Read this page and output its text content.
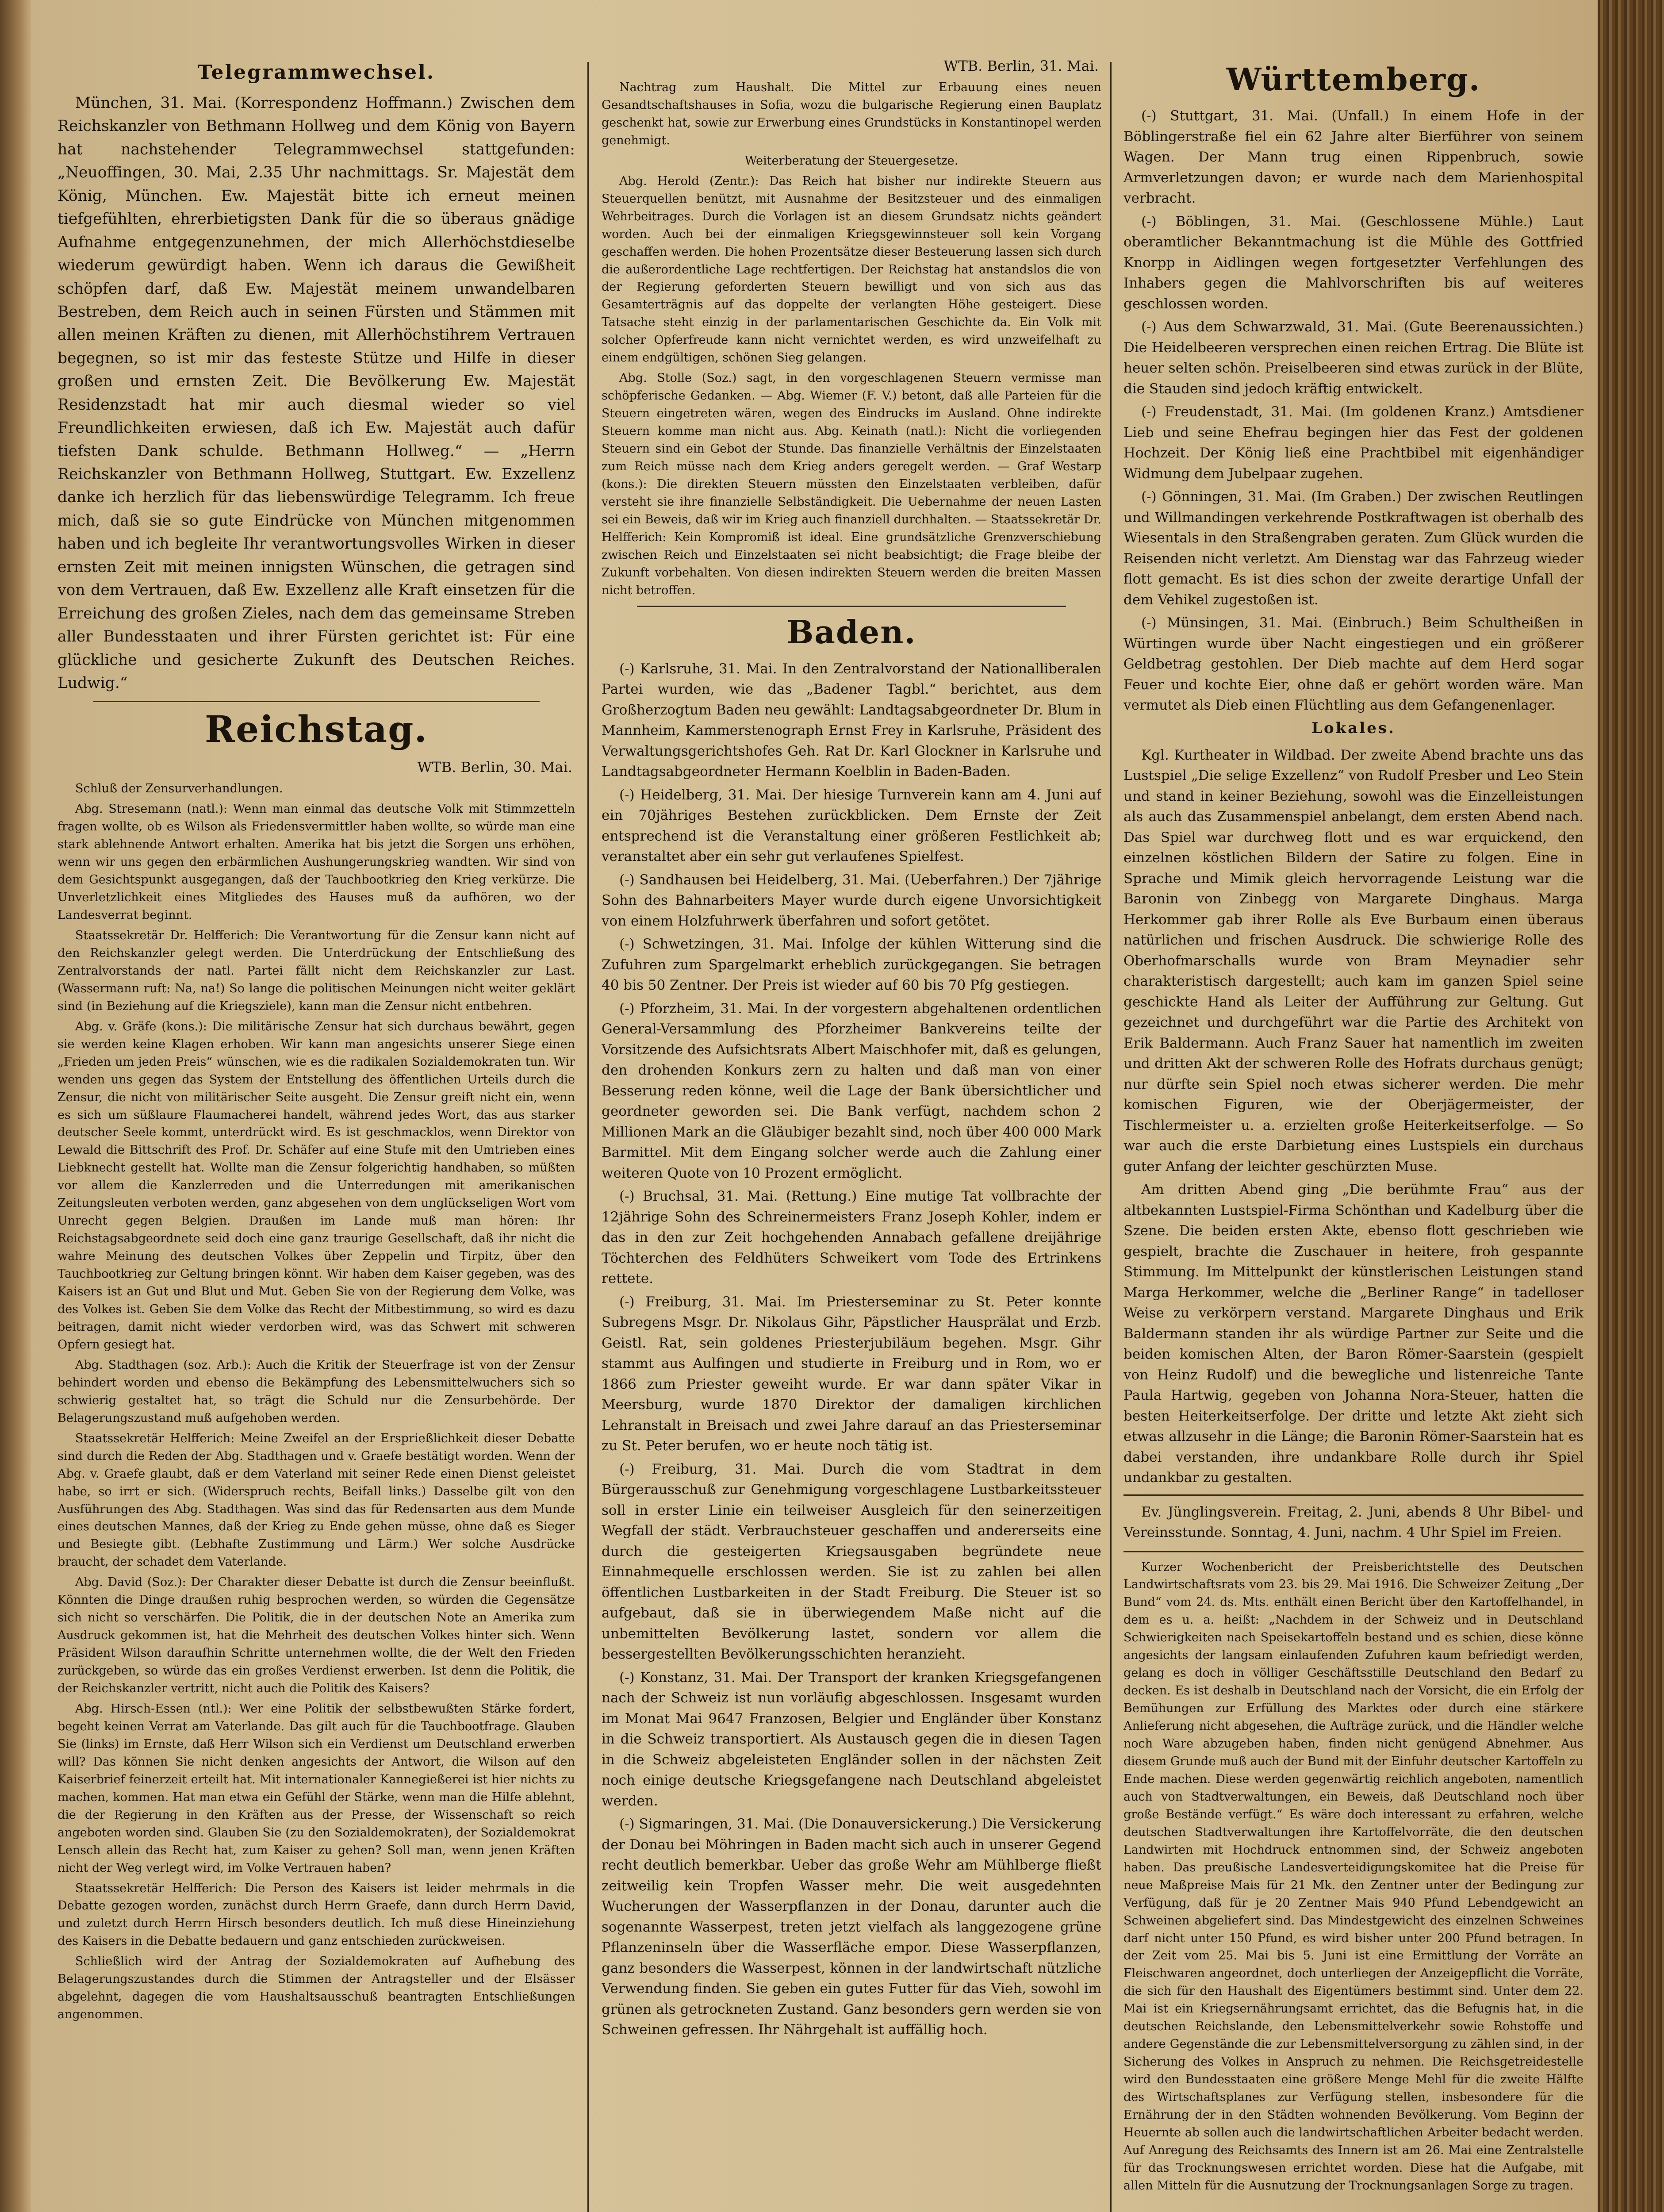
Telegrammwechsel.

München, 31. Mai. (Korrespondenz Hoffmann.) Zwischen dem Reichskanzler von Bethmann Hollweg und dem König von Bayern hat nachstehender Telegrammwechsel stattgefunden: „Neuoffingen, 30. Mai, 2.35 Uhr nachmittags. Sr. Majestät dem König, München. Ew. Majestät bitte ich erneut meinen tiefgefühlten, ehrerbietigsten Dank für die so überaus gnädige Aufnahme entgegenzunehmen, der mich Allerhöchstdieselbe wiederum gewürdigt haben. Wenn ich daraus die Gewißheit schöpfen darf, daß Ew. Majestät meinem unwandelbaren Bestreben, dem Reich auch in seinen Fürsten und Stämmen mit allen meinen Kräften zu dienen, mit Allerhöchstihrem Vertrauen begegnen, so ist mir das festeste Stütze und Hilfe in dieser großen und ernsten Zeit. Die Bevölkerung Ew. Majestät Residenzstadt hat mir auch diesmal wieder so viel Freundlichkeiten erwiesen, daß ich Ew. Majestät auch dafür tiefsten Dank schulde. Bethmann Hollweg.“ — „Herrn Reichskanzler von Bethmann Hollweg, Stuttgart. Ew. Exzellenz danke ich herzlich für das liebenswürdige Telegramm. Ich freue mich, daß sie so gute Eindrücke von München mitgenommen haben und ich begleite Ihr verantwortungsvolles Wirken in dieser ernsten Zeit mit meinen innigsten Wünschen, die getragen sind von dem Vertrauen, daß Ew. Exzellenz alle Kraft einsetzen für die Erreichung des großen Zieles, nach dem das gemeinsame Streben aller Bundesstaaten und ihrer Fürsten gerichtet ist: Für eine glückliche und gesicherte Zukunft des Deutschen Reiches. Ludwig.“

Reichstag.
WTB. Berlin, 30. Mai.

Schluß der Zensurverhandlungen.

Abg. Stresemann (natl.): Wenn man einmal das deutsche Volk mit Stimmzetteln fragen wollte, ob es Wilson als Friedensvermittler haben wollte, so würde man eine stark ablehnende Antwort erhalten. Amerika hat bis jetzt die Sorgen uns erhöhen, wenn wir uns gegen den erbärmlichen Aushungerungskrieg wandten. Wir sind von dem Gesichtspunkt ausgegangen, daß der Tauchbootkrieg den Krieg verkürze. Die Unverletzlichkeit eines Mitgliedes des Hauses muß da aufhören, wo der Landesverrat beginnt.

Staatssekretär Dr. Helfferich: Die Verantwortung für die Zensur kann nicht auf den Reichskanzler gelegt werden. Die Unterdrückung der Entschließung des Zentralvorstands der natl. Partei fällt nicht dem Reichskanzler zur Last. (Wassermann ruft: Na, na!) So lange die politischen Meinungen nicht weiter geklärt sind (in Beziehung auf die Kriegsziele), kann man die Zensur nicht entbehren.

Abg. v. Gräfe (kons.): Die militärische Zensur hat sich durchaus bewährt, gegen sie werden keine Klagen erhoben. Wir kann man angesichts unserer Siege einen „Frieden um jeden Preis“ wünschen, wie es die radikalen Sozialdemokraten tun. Wir wenden uns gegen das System der Entstellung des öffentlichen Urteils durch die Zensur, die nicht von militärischer Seite ausgeht. Die Zensur greift nicht ein, wenn es sich um süßlaure Flaumacherei handelt, während jedes Wort, das aus starker deutscher Seele kommt, unterdrückt wird. Es ist geschmacklos, wenn Direktor von Lewald die Bittschrift des Prof. Dr. Schäfer auf eine Stufe mit den Umtrieben eines Liebknecht gestellt hat. Wollte man die Zensur folgerichtig handhaben, so müßten vor allem die Kanzlerreden und die Unterredungen mit amerikanischen Zeitungsleuten verboten werden, ganz abgesehen von dem unglückseligen Wort vom Unrecht gegen Belgien. Draußen im Lande muß man hören: Ihr Reichstagsabgeordnete seid doch eine ganz traurige Gesellschaft, daß ihr nicht die wahre Meinung des deutschen Volkes über Zeppelin und Tirpitz, über den Tauchbootkrieg zur Geltung bringen könnt. Wir haben dem Kaiser gegeben, was des Kaisers ist an Gut und Blut und Mut. Geben Sie von der Regierung dem Volke, was des Volkes ist. Geben Sie dem Volke das Recht der Mitbestimmung, so wird es dazu beitragen, damit nicht wieder verdorben wird, was das Schwert mit schweren Opfern gesiegt hat.

Abg. Stadthagen (soz. Arb.): Auch die Kritik der Steuerfrage ist von der Zensur behindert worden und ebenso die Bekämpfung des Lebensmittelwuchers sich so schwierig gestaltet hat, so trägt die Schuld nur die Zensurbehörde. Der Belagerungszustand muß aufgehoben werden.

Staatssekretär Helfferich: Meine Zweifel an der Ersprießlichkeit dieser Debatte sind durch die Reden der Abg. Stadthagen und v. Graefe bestätigt worden. Wenn der Abg. v. Graefe glaubt, daß er dem Vaterland mit seiner Rede einen Dienst geleistet habe, so irrt er sich. (Widerspruch rechts, Beifall links.) Dasselbe gilt von den Ausführungen des Abg. Stadthagen. Was sind das für Redensarten aus dem Munde eines deutschen Mannes, daß der Krieg zu Ende gehen müsse, ohne daß es Sieger und Besiegte gibt. (Lebhafte Zustimmung und Lärm.) Wer solche Ausdrücke braucht, der schadet dem Vaterlande.

Abg. David (Soz.): Der Charakter dieser Debatte ist durch die Zensur beeinflußt. Könnten die Dinge draußen ruhig besprochen werden, so würden die Gegensätze sich nicht so verschärfen. Die Politik, die in der deutschen Note an Amerika zum Ausdruck gekommen ist, hat die Mehrheit des deutschen Volkes hinter sich. Wenn Präsident Wilson daraufhin Schritte unternehmen wollte, die der Welt den Frieden zurückgeben, so würde das ein großes Verdienst erwerben. Ist denn die Politik, die der Reichskanzler vertritt, nicht auch die Politik des Kaisers?

Abg. Hirsch-Essen (ntl.): Wer eine Politik der selbstbewußten Stärke fordert, begeht keinen Verrat am Vaterlande. Das gilt auch für die Tauchbootfrage. Glauben Sie (links) im Ernste, daß Herr Wilson sich ein Verdienst um Deutschland erwerben will? Das können Sie nicht denken angesichts der Antwort, die Wilson auf den Kaiserbrief feinerzeit erteilt hat. Mit internationaler Kannegießerei ist hier nichts zu machen, kommen. Hat man etwa ein Gefühl der Stärke, wenn man die Hilfe ablehnt, die der Regierung in den Kräften aus der Presse, der Wissenschaft so reich angeboten worden sind. Glauben Sie (zu den Sozialdemokraten), der Sozialdemokrat Lensch allein das Recht hat, zum Kaiser zu gehen? Soll man, wenn jenen Kräften nicht der Weg verlegt wird, im Volke Vertrauen haben?

Staatssekretär Helfferich: Die Person des Kaisers ist leider mehrmals in die Debatte gezogen worden, zunächst durch Herrn Graefe, dann durch Herrn David, und zuletzt durch Herrn Hirsch besonders deutlich. Ich muß diese Hineinziehung des Kaisers in die Debatte bedauern und ganz entschieden zurückweisen.

Schließlich wird der Antrag der Sozialdemokraten auf Aufhebung des Belagerungszustandes durch die Stimmen der Antragsteller und der Elsässer abgelehnt, dagegen die vom Haushaltsausschuß beantragten Entschließungen angenommen.

WTB. Berlin, 31. Mai.

Nachtrag zum Haushalt. Die Mittel zur Erbauung eines neuen Gesandtschaftshauses in Sofia, wozu die bulgarische Regierung einen Bauplatz geschenkt hat, sowie zur Erwerbung eines Grundstücks in Konstantinopel werden genehmigt.

Weiterberatung der Steuergesetze.

Abg. Herold (Zentr.): Das Reich hat bisher nur indirekte Steuern aus Steuerquellen benützt, mit Ausnahme der Besitzsteuer und des einmaligen Wehrbeitrages. Durch die Vorlagen ist an diesem Grundsatz nichts geändert worden. Auch bei der einmaligen Kriegsgewinnsteuer soll kein Vorgang geschaffen werden. Die hohen Prozentsätze dieser Besteuerung lassen sich durch die außerordentliche Lage rechtfertigen. Der Reichstag hat anstandslos die von der Regierung geforderten Steuern bewilligt und von sich aus das Gesamterträgnis auf das doppelte der verlangten Höhe gesteigert. Diese Tatsache steht einzig in der parlamentarischen Geschichte da. Ein Volk mit solcher Opferfreude kann nicht vernichtet werden, es wird unzweifelhaft zu einem endgültigen, schönen Sieg gelangen.

Abg. Stolle (Soz.) sagt, in den vorgeschlagenen Steuern vermisse man schöpferische Gedanken. — Abg. Wiemer (F. V.) betont, daß alle Parteien für die Steuern eingetreten wären, wegen des Eindrucks im Ausland. Ohne indirekte Steuern komme man nicht aus. Abg. Keinath (natl.): Nicht die vorliegenden Steuern sind ein Gebot der Stunde. Das finanzielle Verhältnis der Einzelstaaten zum Reich müsse nach dem Krieg anders geregelt werden. — Graf Westarp (kons.): Die direkten Steuern müssten den Einzelstaaten verbleiben, dafür versteht sie ihre finanzielle Selbständigkeit. Die Uebernahme der neuen Lasten sei ein Beweis, daß wir im Krieg auch finanziell durchhalten. — Staatssekretär Dr. Helfferich: Kein Kompromiß ist ideal. Eine grundsätzliche Grenzverschiebung zwischen Reich und Einzelstaaten sei nicht beabsichtigt; die Frage bleibe der Zukunft vorbehalten. Von diesen indirekten Steuern werden die breiten Massen nicht betroffen.

Baden.

(-) Karlsruhe, 31. Mai. In den Zentralvorstand der Nationalliberalen Partei wurden, wie das „Badener Tagbl.“ berichtet, aus dem Großherzogtum Baden neu gewählt: Landtagsabgeordneter Dr. Blum in Mannheim, Kammerstenograph Ernst Frey in Karlsruhe, Präsident des Verwaltungsgerichtshofes Geh. Rat Dr. Karl Glockner in Karlsruhe und Landtagsabgeordneter Hermann Koelblin in Baden-Baden.

(-) Heidelberg, 31. Mai. Der hiesige Turnverein kann am 4. Juni auf ein 70jähriges Bestehen zurückblicken. Dem Ernste der Zeit entsprechend ist die Veranstaltung einer größeren Festlichkeit ab; veranstaltet aber ein sehr gut verlaufenes Spielfest.

(-) Sandhausen bei Heidelberg, 31. Mai. (Ueberfahren.) Der 7jährige Sohn des Bahnarbeiters Mayer wurde durch eigene Unvorsichtigkeit von einem Holzfuhrwerk überfahren und sofort getötet.

(-) Schwetzingen, 31. Mai. Infolge der kühlen Witterung sind die Zufuhren zum Spargelmarkt erheblich zurückgegangen. Sie betragen 40 bis 50 Zentner. Der Preis ist wieder auf 60 bis 70 Pfg gestiegen.

(-) Pforzheim, 31. Mai. In der vorgestern abgehaltenen ordentlichen General-Versammlung des Pforzheimer Bankvereins teilte der Vorsitzende des Aufsichtsrats Albert Maischhofer mit, daß es gelungen, den drohenden Konkurs zern zu halten und daß man von einer Besserung reden könne, weil die Lage der Bank übersichtlicher und geordneter geworden sei. Die Bank verfügt, nachdem schon 2 Millionen Mark an die Gläubiger bezahlt sind, noch über 400 000 Mark Barmittel. Mit dem Eingang solcher werde auch die Zahlung einer weiteren Quote von 10 Prozent ermöglicht.

(-) Bruchsal, 31. Mai. (Rettung.) Eine mutige Tat vollbrachte der 12jährige Sohn des Schreinermeisters Franz Joseph Kohler, indem er das in den zur Zeit hochgehenden Annabach gefallene dreijährige Töchterchen des Feldhüters Schweikert vom Tode des Ertrinkens rettete.

(-) Freiburg, 31. Mai. Im Priesterseminar zu St. Peter konnte Subregens Msgr. Dr. Nikolaus Gihr, Päpstlicher Hausprälat und Erzb. Geistl. Rat, sein goldenes Priesterjubiläum begehen. Msgr. Gihr stammt aus Aulfingen und studierte in Freiburg und in Rom, wo er 1866 zum Priester geweiht wurde. Er war dann später Vikar in Meersburg, wurde 1870 Direktor der damaligen kirchlichen Lehranstalt in Breisach und zwei Jahre darauf an das Priesterseminar zu St. Peter berufen, wo er heute noch tätig ist.

(-) Freiburg, 31. Mai. Durch die vom Stadtrat in dem Bürgerausschuß zur Genehmigung vorgeschlagene Lustbarkeitssteuer soll in erster Linie ein teilweiser Ausgleich für den seinerzeitigen Wegfall der städt. Verbrauchsteuer geschaffen und andererseits eine durch die gesteigerten Kriegsausgaben begründete neue Einnahmequelle erschlossen werden. Sie ist zu zahlen bei allen öffentlichen Lustbarkeiten in der Stadt Freiburg. Die Steuer ist so aufgebaut, daß sie in überwiegendem Maße nicht auf die unbemittelten Bevölkerung lastet, sondern vor allem die bessergestellten Bevölkerungsschichten heranzieht.

(-) Konstanz, 31. Mai. Der Transport der kranken Kriegsgefangenen nach der Schweiz ist nun vorläufig abgeschlossen. Insgesamt wurden im Monat Mai 9647 Franzosen, Belgier und Engländer über Konstanz in die Schweiz transportiert. Als Austausch gegen die in diesen Tagen in die Schweiz abgeleisteten Engländer sollen in der nächsten Zeit noch einige deutsche Kriegsgefangene nach Deutschland abgeleistet werden.

(-) Sigmaringen, 31. Mai. (Die Donauversickerung.) Die Versickerung der Donau bei Möhringen in Baden macht sich auch in unserer Gegend recht deutlich bemerkbar. Ueber das große Wehr am Mühlberge fließt zeitweilig kein Tropfen Wasser mehr. Die weit ausgedehnten Wucherungen der Wasserpflanzen in der Donau, darunter auch die sogenannte Wasserpest, treten jetzt vielfach als langgezogene grüne Pflanzeninseln über die Wasserfläche empor. Diese Wasserpflanzen, ganz besonders die Wasserpest, können in der landwirtschaft nützliche Verwendung finden. Sie geben ein gutes Futter für das Vieh, sowohl im grünen als getrockneten Zustand. Ganz besonders gern werden sie von Schweinen gefressen. Ihr Nährgehalt ist auffällig hoch.

Württemberg.

(-) Stuttgart, 31. Mai. (Unfall.) In einem Hofe in der Böblingerstraße fiel ein 62 Jahre alter Bierführer von seinem Wagen. Der Mann trug einen Rippenbruch, sowie Armverletzungen davon; er wurde nach dem Marienhospital verbracht.

(-) Böblingen, 31. Mai. (Geschlossene Mühle.) Laut oberamtlicher Bekanntmachung ist die Mühle des Gottfried Knorpp in Aidlingen wegen fortgesetzter Verfehlungen des Inhabers gegen die Mahlvorschriften bis auf weiteres geschlossen worden.

(-) Aus dem Schwarzwald, 31. Mai. (Gute Beerenaussichten.) Die Heidelbeeren versprechen einen reichen Ertrag. Die Blüte ist heuer selten schön. Preiselbeeren sind etwas zurück in der Blüte, die Stauden sind jedoch kräftig entwickelt.

(-) Freudenstadt, 31. Mai. (Im goldenen Kranz.) Amtsdiener Lieb und seine Ehefrau begingen hier das Fest der goldenen Hochzeit. Der König ließ eine Prachtbibel mit eigenhändiger Widmung dem Jubelpaar zugehen.

(-) Gönningen, 31. Mai. (Im Graben.) Der zwischen Reutlingen und Willmandingen verkehrende Postkraftwagen ist oberhalb des Wiesentals in den Straßengraben geraten. Zum Glück wurden die Reisenden nicht verletzt. Am Dienstag war das Fahrzeug wieder flott gemacht. Es ist dies schon der zweite derartige Unfall der dem Vehikel zugestoßen ist.

(-) Münsingen, 31. Mai. (Einbruch.) Beim Schultheißen in Würtingen wurde über Nacht eingestiegen und ein größerer Geldbetrag gestohlen. Der Dieb machte auf dem Herd sogar Feuer und kochte Eier, ohne daß er gehört worden wäre. Man vermutet als Dieb einen Flüchtling aus dem Gefangenenlager.

Lokales.

Kgl. Kurtheater in Wildbad. Der zweite Abend brachte uns das Lustspiel „Die selige Exzellenz“ von Rudolf Presber und Leo Stein und stand in keiner Beziehung, sowohl was die Einzelleistungen als auch das Zusammenspiel anbelangt, dem ersten Abend nach. Das Spiel war durchweg flott und es war erquickend, den einzelnen köstlichen Bildern der Satire zu folgen. Eine in Sprache und Mimik gleich hervorragende Leistung war die Baronin von Zinbegg von Margarete Dinghaus. Marga Herkommer gab ihrer Rolle als Eve Burbaum einen überaus natürlichen und frischen Ausdruck. Die schwierige Rolle des Oberhofmarschalls wurde von Bram Meynadier sehr charakteristisch dargestellt; auch kam im ganzen Spiel seine geschickte Hand als Leiter der Aufführung zur Geltung. Gut gezeichnet und durchgeführt war die Partie des Architekt von Erik Baldermann. Auch Franz Sauer hat namentlich im zweiten und dritten Akt der schweren Rolle des Hofrats durchaus genügt; nur dürfte sein Spiel noch etwas sicherer werden. Die mehr komischen Figuren, wie der Oberjägermeister, der Tischlermeister u. a. erzielten große Heiterkeitserfolge. — So war auch die erste Darbietung eines Lustspiels ein durchaus guter Anfang der leichter geschürzten Muse.

Am dritten Abend ging „Die berühmte Frau“ aus der altbekannten Lustspiel-Firma Schönthan und Kadelburg über die Szene. Die beiden ersten Akte, ebenso flott geschrieben wie gespielt, brachte die Zuschauer in heitere, froh gespannte Stimmung. Im Mittelpunkt der künstlerischen Leistungen stand Marga Herkommer, welche die „Berliner Range“ in tadelloser Weise zu verkörpern verstand. Margarete Dinghaus und Erik Baldermann standen ihr als würdige Partner zur Seite und die beiden komischen Alten, der Baron Römer-Saarstein (gespielt von Heinz Rudolf) und die bewegliche und listenreiche Tante Paula Hartwig, gegeben von Johanna Nora-Steuer, hatten die besten Heiterkeitserfolge. Der dritte und letzte Akt zieht sich etwas allzusehr in die Länge; die Baronin Römer-Saarstein hat es dabei verstanden, ihre undankbare Rolle durch ihr Spiel undankbar zu gestalten.

Ev. Jünglingsverein. Freitag, 2. Juni, abends 8 Uhr Bibel- und Vereinsstunde. Sonntag, 4. Juni, nachm. 4 Uhr Spiel im Freien.

Kurzer Wochenbericht der Preisberichtstelle des Deutschen Landwirtschaftsrats vom 23. bis 29. Mai 1916. Die Schweizer Zeitung „Der Bund“ vom 24. ds. Mts. enthält einen Bericht über den Kartoffelhandel, in dem es u. a. heißt: „Nachdem in der Schweiz und in Deutschland Schwierigkeiten nach Speisekartoffeln bestand und es schien, diese könne angesichts der langsam einlaufenden Zufuhren kaum befriedigt werden, gelang es doch in völliger Geschäftsstille Deutschland den Bedarf zu decken. Es ist deshalb in Deutschland nach der Vorsicht, die ein Erfolg der Bemühungen zur Erfüllung des Marktes oder durch eine stärkere Anlieferung nicht abgesehen, die Aufträge zurück, und die Händler welche noch Ware abzugeben haben, finden nicht genügend Abnehmer. Aus diesem Grunde muß auch der Bund mit der Einfuhr deutscher Kartoffeln zu Ende machen. Diese werden gegenwärtig reichlich angeboten, namentlich auch von Stadtverwaltungen, ein Beweis, daß Deutschland noch über große Bestände verfügt.“ Es wäre doch interessant zu erfahren, welche deutschen Stadtverwaltungen ihre Kartoffelvorräte, die den deutschen Landwirten mit Hochdruck entnommen sind, der Schweiz angeboten haben. Das preußische Landesverteidigungskomitee hat die Preise für neue Maßpreise Mais für 21 Mk. den Zentner unter der Bedingung zur Verfügung, daß für je 20 Zentner Mais 940 Pfund Lebendgewicht an Schweinen abgeliefert sind. Das Mindestgewicht des einzelnen Schweines darf nicht unter 150 Pfund, es wird bisher unter 200 Pfund betragen. In der Zeit vom 25. Mai bis 5. Juni ist eine Ermittlung der Vorräte an Fleischwaren angeordnet, doch unterliegen der Anzeigepflicht die Vorräte, die sich für den Haushalt des Eigentümers bestimmt sind. Unter dem 22. Mai ist ein Kriegsernährungsamt errichtet, das die Befugnis hat, in die deutschen Reichslande, den Lebensmittelverkehr sowie Rohstoffe und andere Gegenstände die zur Lebensmittelversorgung zu zählen sind, in der Sicherung des Volkes in Anspruch zu nehmen. Die Reichsgetreidestelle wird den Bundesstaaten eine größere Menge Mehl für die zweite Hälfte des Wirtschaftsplanes zur Verfügung stellen, insbesondere für die Ernährung der in den Städten wohnenden Bevölkerung. Vom Beginn der Heuernte ab sollen auch die landwirtschaftlichen Arbeiter bedacht werden. Auf Anregung des Reichsamts des Innern ist am 26. Mai eine Zentralstelle für das Trocknungswesen errichtet worden. Diese hat die Aufgabe, mit allen Mitteln für die Ausnutzung der Trocknungsanlagen Sorge zu tragen.
